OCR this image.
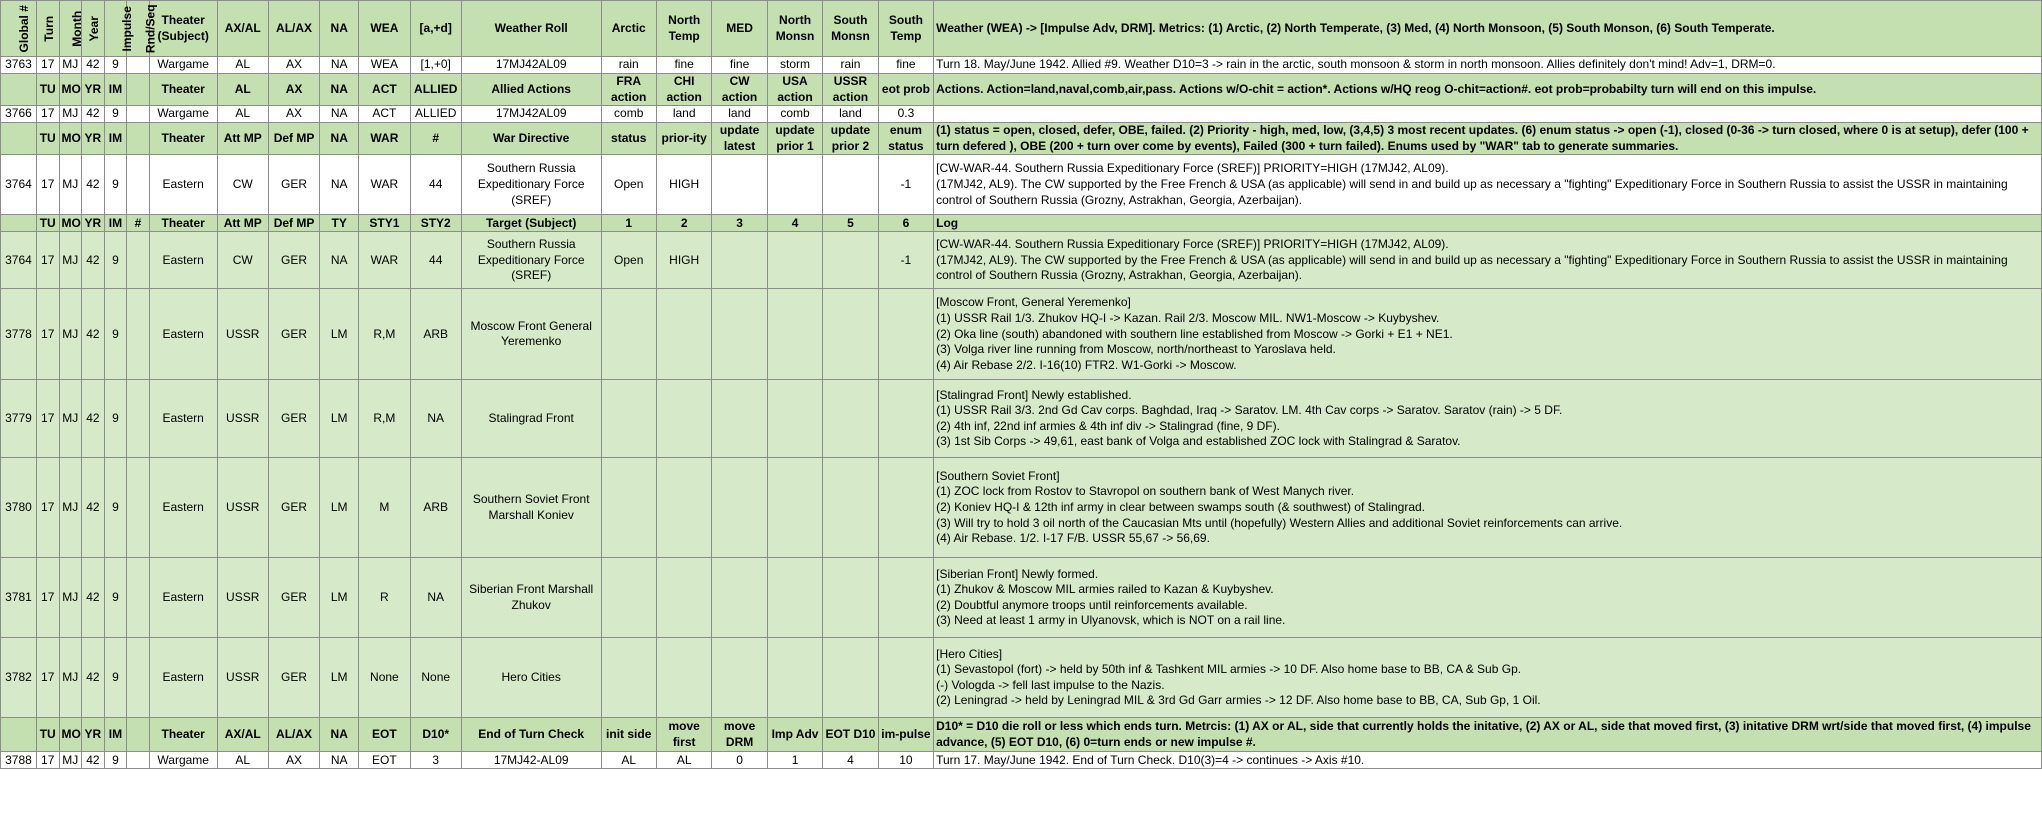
Global #	Turn	Month	Year	Impulse	Rnd/Seq	Theater (Subject)	AX/AL	AL/AX	NA	WEA	[a,+d]	Weather Roll	Arctic	North Temp	MED	North Monsn	South Monsn	South Temp	Weather (WEA) -> [Impulse Adv, DRM]. Metrics: (1) Arctic, (2) North Temperate, (3) Med, (4) North Monsoon, (5) South Monson, (6) South Temperate.
3763	17	MJ	42	9		Wargame	AL	AX	NA	WEA	[1,+0]	17MJ42AL09	rain	fine	fine	storm	rain	fine	Turn 18. May/June 1942. Allied #9. Weather D10=3 -> rain in the arctic, south monsoon & storm in north monsoon. Allies definitely don't mind! Adv=1, DRM=0.
	TU	MO	YR	IM		Theater	AL	AX	NA	ACT	ALLIED	Allied Actions	FRA action	CHI action	CW action	USA action	USSR action	eot prob	Actions. Action=land,naval,comb,air,pass. Actions w/O-chit = action*. Actions w/HQ reog O-chit=action#. eot prob=probabilty turn will end on this impulse.
3766	17	MJ	42	9		Wargame	AL	AX	NA	ACT	ALLIED	17MJ42AL09	comb	land	land	comb	land	0.3	
	TU	MO	YR	IM		Theater	Att MP	Def MP	NA	WAR	#	War Directive	status	prior-ity	update latest	update prior 1	update prior 2	enum status	(1) status = open, closed, defer, OBE, failed. (2) Priority - high, med, low, (3,4,5) 3 most recent updates. (6) enum status -> open (-1), closed (0-36 -> turn closed, where 0 is at setup), defer (100 + turn defered ), OBE (200 + turn over come by events), Failed (300 + turn failed). Enums used by "WAR" tab to generate summaries.
3764	17	MJ	42	9		Eastern	CW	GER	NA	WAR	44	Southern Russia Expeditionary Force (SREF)	Open	HIGH				-1	[CW-WAR-44. Southern Russia Expeditionary Force (SREF)] PRIORITY=HIGH (17MJ42, AL09).
(17MJ42, AL9). The CW supported by the Free French & USA (as applicable) will send in and build up as necessary a "fighting" Expeditionary Force in Southern Russia to assist the USSR in maintaining control of Southern Russia (Grozny, Astrakhan, Georgia, Azerbaijan).
	TU	MO	YR	IM	#	Theater	Att MP	Def MP	TY	STY1	STY2	Target (Subject)	1	2	3	4	5	6	Log
3764	17	MJ	42	9		Eastern	CW	GER	NA	WAR	44	Southern Russia Expeditionary Force (SREF)	Open	HIGH				-1	[CW-WAR-44. Southern Russia Expeditionary Force (SREF)] PRIORITY=HIGH (17MJ42, AL09).
(17MJ42, AL9). The CW supported by the Free French & USA (as applicable) will send in and build up as necessary a "fighting" Expeditionary Force in Southern Russia to assist the USSR in maintaining control of Southern Russia (Grozny, Astrakhan, Georgia, Azerbaijan).
3778	17	MJ	42	9		Eastern	USSR	GER	LM	R,M	ARB	Moscow Front General Yeremenko							[Moscow Front, General Yeremenko]
(1) USSR Rail 1/3. Zhukov HQ-I -> Kazan. Rail 2/3. Moscow MIL. NW1-Moscow -> Kuybyshev.
(2) Oka line (south) abandoned with southern line established from Moscow -> Gorki + E1 + NE1.
(3) Volga river line running from Moscow, north/northeast to Yaroslava held.
(4) Air Rebase 2/2. I-16(10) FTR2. W1-Gorki -> Moscow.
3779	17	MJ	42	9		Eastern	USSR	GER	LM	R,M	NA	Stalingrad Front							[Stalingrad Front] Newly established.
(1) USSR Rail 3/3. 2nd Gd Cav corps. Baghdad, Iraq -> Saratov. LM. 4th Cav corps -> Saratov. Saratov (rain) -> 5 DF.
(2) 4th inf, 22nd inf armies & 4th inf div -> Stalingrad (fine, 9 DF).
(3) 1st Sib Corps -> 49,61, east bank of Volga and established ZOC lock with Stalingrad & Saratov.
3780	17	MJ	42	9		Eastern	USSR	GER	LM	M	ARB	Southern Soviet Front Marshall Koniev							[Southern Soviet Front]
(1) ZOC lock from Rostov to Stavropol on southern bank of West Manych river.
(2) Koniev HQ-I & 12th inf army in clear between swamps south (& southwest) of Stalingrad.
(3) Will try to hold 3 oil north of the Caucasian Mts until (hopefully) Western Allies and additional Soviet reinforcements can arrive.
(4) Air Rebase. 1/2. I-17 F/B. USSR 55,67 -> 56,69.
3781	17	MJ	42	9		Eastern	USSR	GER	LM	R	NA	Siberian Front Marshall Zhukov							[Siberian Front] Newly formed.
(1) Zhukov & Moscow MIL armies railed to Kazan & Kuybyshev.
(2) Doubtful anymore troops until reinforcements available.
(3) Need at least 1 army in Ulyanovsk, which is NOT on a rail line.
3782	17	MJ	42	9		Eastern	USSR	GER	LM	None	None	Hero Cities							[Hero Cities]
(1) Sevastopol (fort) -> held by 50th inf & Tashkent MIL armies -> 10 DF. Also home base to BB, CA & Sub Gp.
(-) Vologda -> fell last impulse to the Nazis.
(2) Leningrad -> held by Leningrad MIL & 3rd Gd Garr armies -> 12 DF. Also home base to BB, CA, Sub Gp, 1 Oil.
	TU	MO	YR	IM		Theater	AX/AL	AL/AX	NA	EOT	D10*	End of Turn Check	init side	move first	move DRM	Imp Adv	EOT D10	im-pulse	D10* = D10 die roll or less which ends turn. Metrcis: (1) AX or AL, side that currently holds the initative, (2) AX or AL, side that moved first, (3) initative DRM wrt/side that moved first, (4) impulse advance, (5) EOT D10, (6) 0=turn ends or new impulse #.
3788	17	MJ	42	9		Wargame	AL	AX	NA	EOT	3	17MJ42-AL09	AL	AL	0	1	4	10	Turn 17. May/June 1942. End of Turn Check. D10(3)=4 -> continues -> Axis #10.
